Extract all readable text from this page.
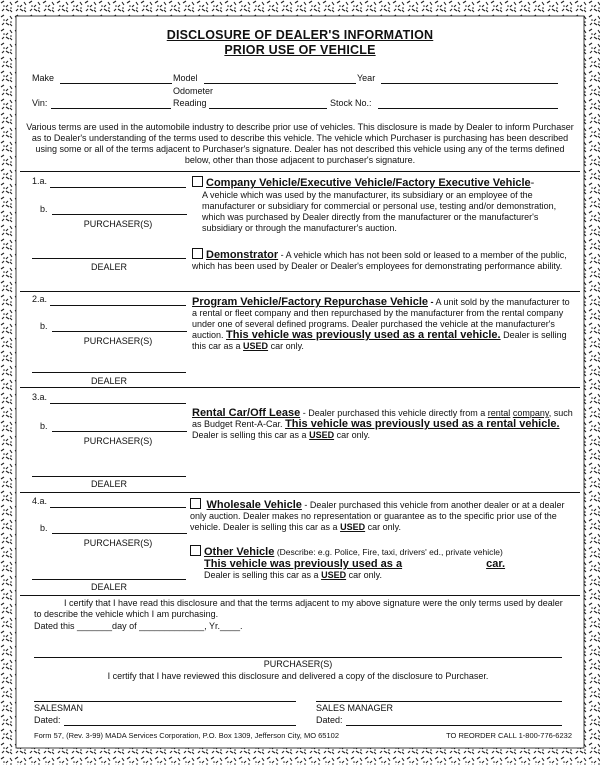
DISCLOSURE OF DEALER'S INFORMATION
PRIOR USE OF VEHICLE
Make	Model	Year
Odometer
Vin:	Reading	Stock No.:
Various terms are used in the automobile industry to describe prior use of vehicles. This disclosure is made by Dealer to inform Purchaser as to Dealer's understanding of the terms used to describe this vehicle. The vehicle which Purchaser is purchasing has been described using some or all of the terms adjacent to Purchaser's signature. Dealer has not described this vehicle using any of the terms defined below, other than those adjacent to purchaser's signature.
1.a.
b.
PURCHASER(S)
DEALER
Company Vehicle/Executive Vehicle/Factory Executive Vehicle-
A vehicle which was used by the manufacturer, its subsidiary or an employee of the manufacturer or subsidiary for commercial or personal use, testing and/or demonstration, which was purchased by Dealer directly from the manufacturer or the manufacturer's subsidiary or through the manufacturer's auction.
Demonstrator - A vehicle which has not been sold or leased to a member of the public, which has been used by Dealer or Dealer's employees for demonstrating performance ability.
2.a.
b.
PURCHASER(S)
DEALER
Program Vehicle/Factory Repurchase Vehicle - A unit sold by the manufacturer to a rental or fleet company and then repurchased by the manufacturer from the rental company under one of several defined programs. Dealer purchased the vehicle at the manufacturer's auction. This vehicle was previously used as a rental vehicle. Dealer is selling this car as a USED car only.
3.a.
b.
PURCHASER(S)
DEALER
Rental Car/Off Lease - Dealer purchased this vehicle directly from a rental company, such as Budget Rent-A-Car. This vehicle was previously used as a rental vehicle. Dealer is selling this car as a USED car only.
4.a.
b.
PURCHASER(S)
DEALER
Wholesale Vehicle - Dealer purchased this vehicle from another dealer or at a dealer only auction. Dealer makes no representation or guarantee as to the specific prior use of the vehicle. Dealer is selling this car as a USED car only.
Other Vehicle (Describe: e.g. Police, Fire, taxi, drivers' ed., private vehicle)
This vehicle was previously used as a	car.
Dealer is selling this car as a USED car only.
I certify that I have read this disclosure and that the terms adjacent to my above signature were the only terms used by dealer to describe the vehicle which I am purchasing.
Dated this _______day of _____________, Yr.____.
PURCHASER(S)
I certify that I have reviewed this disclosure and delivered a copy of the disclosure to Purchaser.
SALESMAN
Dated:
SALES MANAGER
Dated:
Form 57, (Rev. 3-99) MADA Services Corporation, P.O. Box 1309, Jefferson City, MO 65102	TO REORDER CALL 1-800-776-6232
